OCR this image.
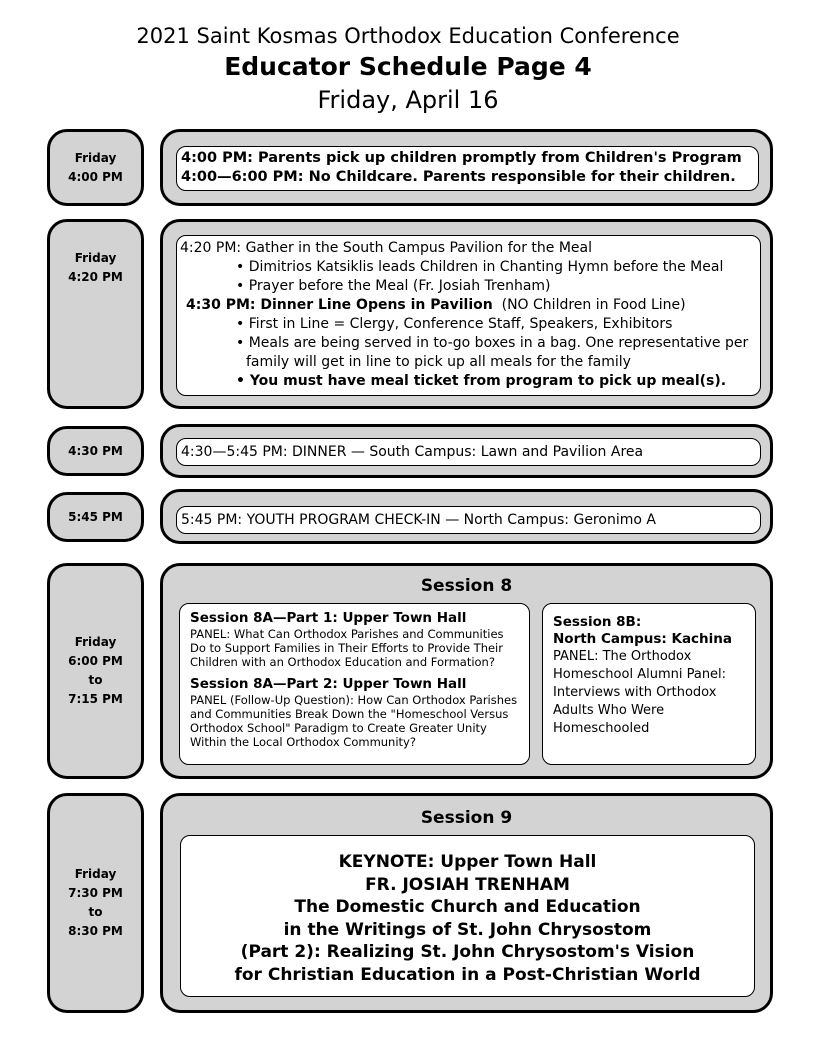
2021 Saint Kosmas Orthodox Education Conference
Educator Schedule Page 4
Friday, April 16
Friday
4:00 PM
4:00 PM: Parents pick up children promptly from Children's Program
4:00—6:00 PM: No Childcare. Parents responsible for their children.
Friday
4:20 PM
4:20 PM: Gather in the South Campus Pavilion for the Meal
• Dimitrios Katsiklis leads Children in Chanting Hymn before the Meal
• Prayer before the Meal (Fr. Josiah Trenham)
4:30 PM: Dinner Line Opens in Pavilion (NO Children in Food Line)
• First in Line = Clergy, Conference Staff, Speakers, Exhibitors
• Meals are being served in to-go boxes in a bag. One representative per
family will get in line to pick up all meals for the family
• You must have meal ticket from program to pick up meal(s).
4:30 PM	4:30—5:45 PM: DINNER — South Campus: Lawn and Pavilion Area
5:45 PM	5:45 PM: YOUTH PROGRAM CHECK-IN — North Campus: Geronimo A
Friday
6:00 PM
to
7:15 PM
Session 8
Session 8A—Part 1: Upper Town Hall
PANEL: What Can Orthodox Parishes and Communities Do to Support Families in Their Efforts to Provide Their Children with an Orthodox Education and Formation?
Session 8A—Part 2: Upper Town Hall
PANEL (Follow-Up Question): How Can Orthodox Parishes and Communities Break Down the "Homeschool Versus Orthodox School" Paradigm to Create Greater Unity Within the Local Orthodox Community?
Session 8B:
North Campus: Kachina
PANEL: The Orthodox Homeschool Alumni Panel: Interviews with Orthodox Adults Who Were Homeschooled
Friday
7:30 PM
to
8:30 PM
Session 9
KEYNOTE: Upper Town Hall
FR. JOSIAH TRENHAM
The Domestic Church and Education
in the Writings of St. John Chrysostom
(Part 2): Realizing St. John Chrysostom's Vision
for Christian Education in a Post-Christian World
